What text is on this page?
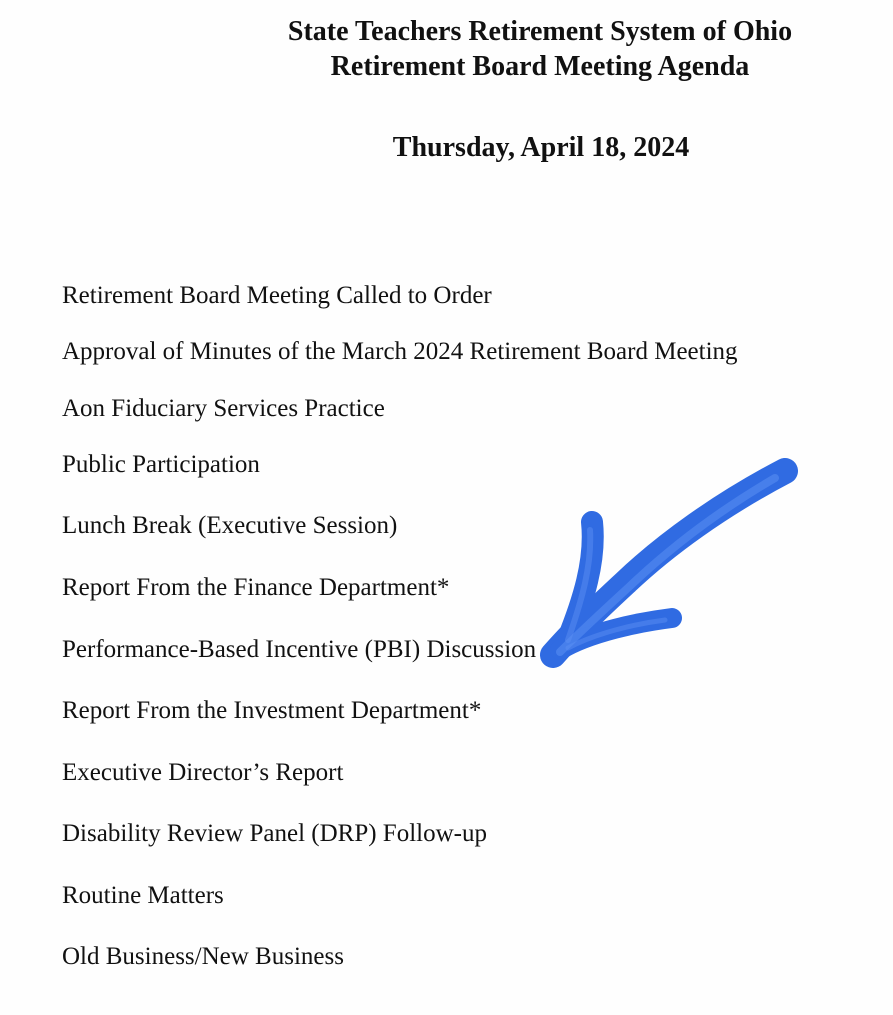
State Teachers Retirement System of Ohio
Retirement Board Meeting Agenda
Thursday, April 18, 2024
Retirement Board Meeting Called to Order
Approval of Minutes of the March 2024 Retirement Board Meeting
Aon Fiduciary Services Practice
Public Participation
Lunch Break (Executive Session)
Report From the Finance Department*
Performance-Based Incentive (PBI) Discussion
Report From the Investment Department*
Executive Director’s Report
Disability Review Panel (DRP) Follow-up
Routine Matters
Old Business/New Business
